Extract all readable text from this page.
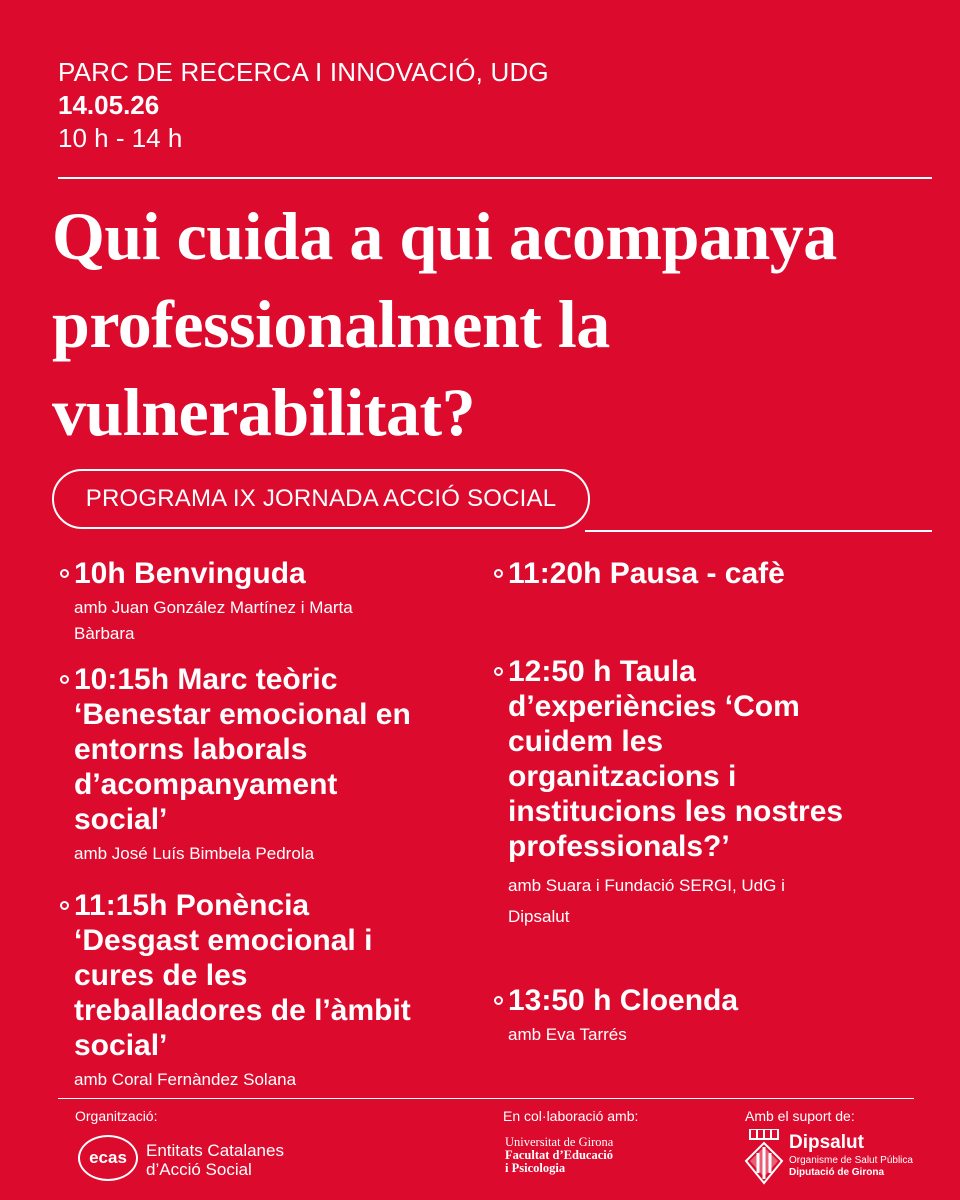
PARC DE RECERCA I INNOVACIÓ, UDG
14.05.26
10 h - 14 h
Qui cuida a qui acompanya
professionalment la
vulnerabilitat?
PROGRAMA IX JORNADA ACCIÓ SOCIAL
10h Benvinguda
amb Juan González Martínez i Marta
Bàrbara
10:15h Marc teòric
‘Benestar emocional en
entorns laborals
d’acompanyament
social’
amb José Luís Bimbela Pedrola
11:15h Ponència
‘Desgast emocional i
cures de les
treballadores de l’àmbit
social’
amb Coral Fernàndez Solana
11:20h Pausa - cafè
12:50 h Taula
d’experiències ‘Com
cuidem les
organitzacions i
institucions les nostres
professionals?’
amb Suara i Fundació SERGI, UdG i
Dipsalut
13:50 h Cloenda
amb Eva Tarrés
Organització:
ecas Entitats Catalanes
d’Acció Social
En col·laboració amb:
Universitat de Girona
Facultat d’Educació
i Psicologia
Amb el suport de:
Dipsalut
Organisme de Salut Pública
Diputació de Girona
